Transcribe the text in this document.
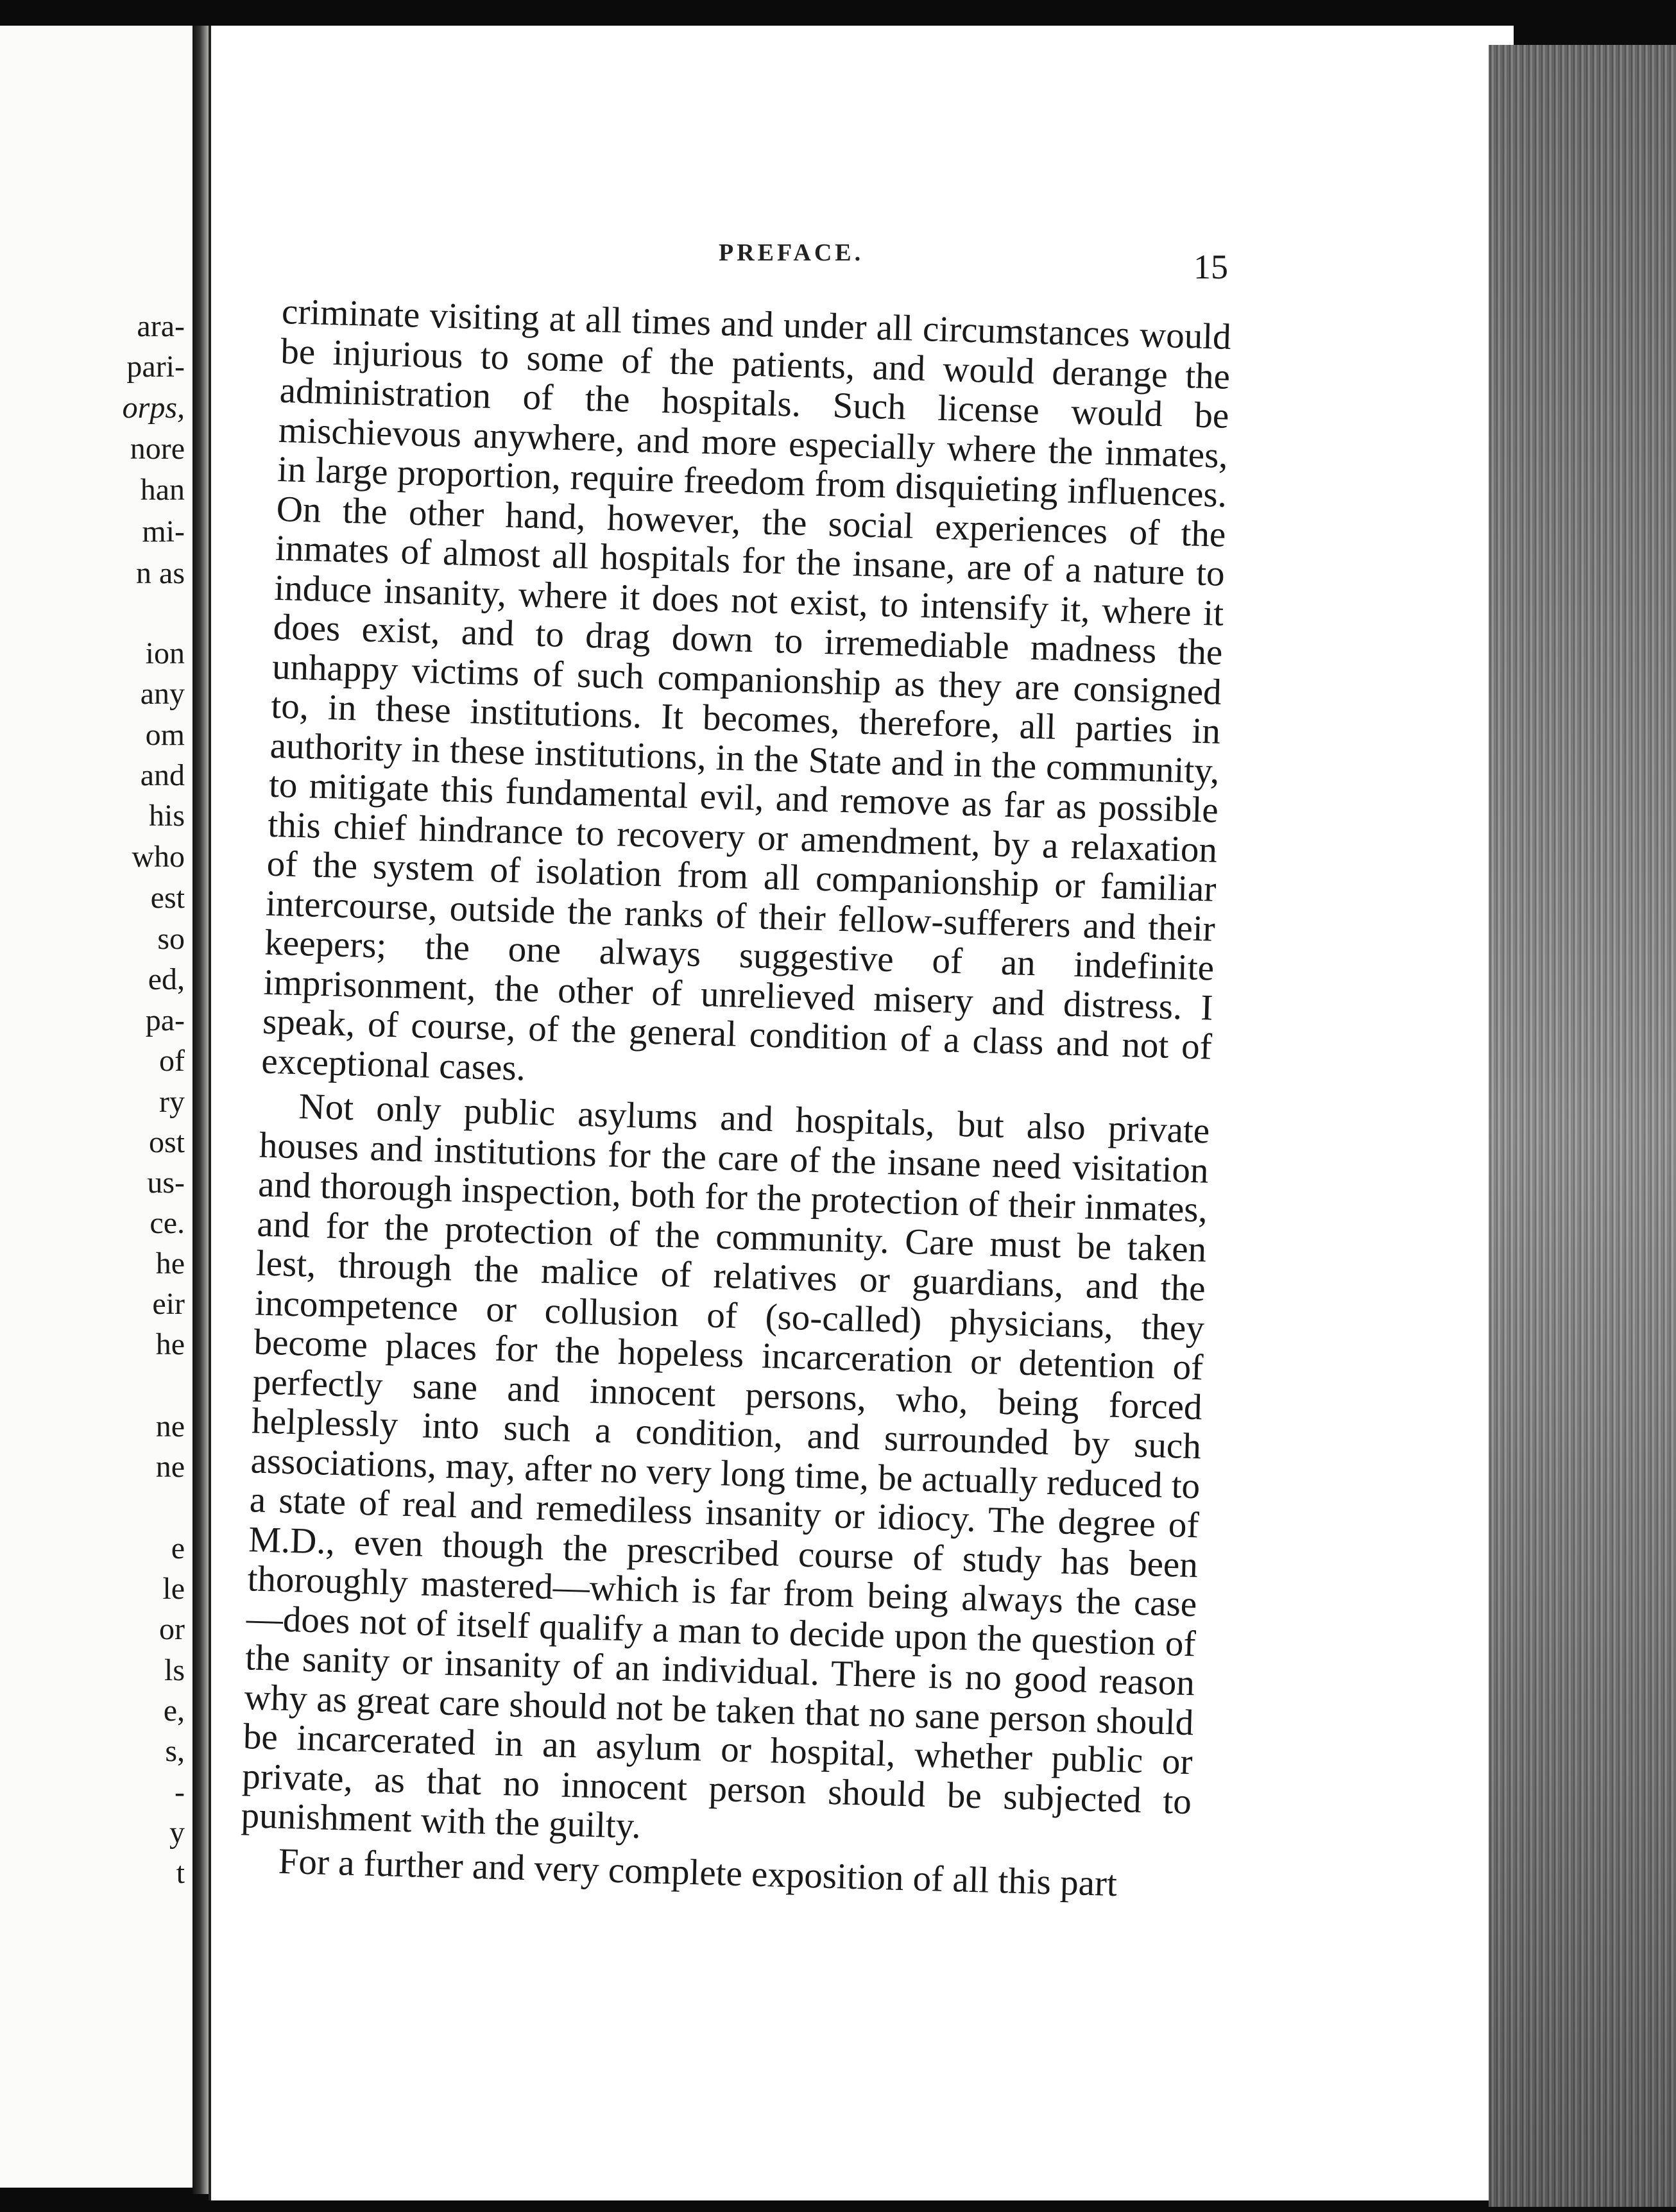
ara-
pari-
orps,
nore
han
mi-
n as
ion
any
om
and
his
who
est
so
ed,
pa-
of
ry
ost
us-
ce.
he
eir
he
ne
ne
e
le
or
ls
e,
s,
-
y
t
PREFACE.	15

criminate visiting at all times and under all circumstances would be injurious to some of the patients, and would derange the administration of the hospitals. Such license would be mischievous anywhere, and more especially where the inmates, in large proportion, require freedom from disquieting influences. On the other hand, however, the social experiences of the inmates of almost all hospitals for the insane, are of a nature to induce insanity, where it does not exist, to intensify it, where it does exist, and to drag down to irremediable madness the unhappy victims of such companionship as they are consigned to, in these institutions. It becomes, therefore, all parties in authority in these institutions, in the State and in the community, to mitigate this fundamental evil, and remove as far as possible this chief hindrance to recovery or amendment, by a relaxation of the system of isolation from all companionship or familiar intercourse, outside the ranks of their fellow-sufferers and their keepers; the one always suggestive of an indefinite imprisonment, the other of unrelieved misery and distress. I speak, of course, of the general condition of a class and not of exceptional cases.

Not only public asylums and hospitals, but also private houses and institutions for the care of the insane need visitation and thorough inspection, both for the protection of their inmates, and for the protection of the community. Care must be taken lest, through the malice of relatives or guardians, and the incompetence or collusion of (so-called) physicians, they become places for the hopeless incarceration or detention of perfectly sane and innocent persons, who, being forced helplessly into such a condition, and surrounded by such associations, may, after no very long time, be actually reduced to a state of real and remediless insanity or idiocy. The degree of M.D., even though the prescribed course of study has been thoroughly mastered—which is far from being always the case—does not of itself qualify a man to decide upon the question of the sanity or insanity of an individual. There is no good reason why as great care should not be taken that no sane person should be incarcerated in an asylum or hospital, whether public or private, as that no innocent person should be subjected to punishment with the guilty.

For a further and very complete exposition of all this part
